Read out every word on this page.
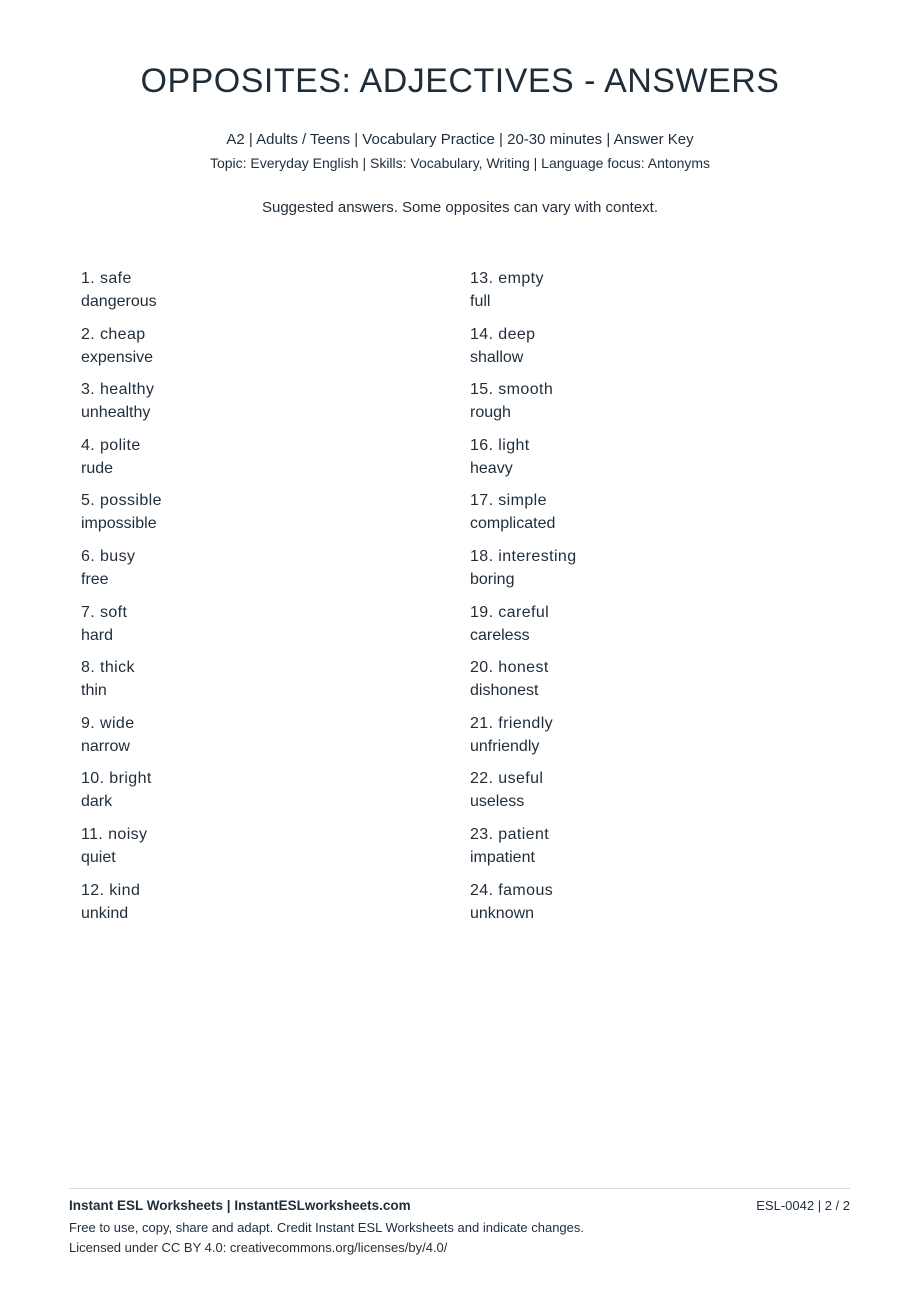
OPPOSITES: ADJECTIVES - ANSWERS
A2 | Adults / Teens | Vocabulary Practice | 20-30 minutes | Answer Key
Topic: Everyday English | Skills: Vocabulary, Writing | Language focus: Antonyms
Suggested answers. Some opposites can vary with context.
1. safe
dangerous
2. cheap
expensive
3. healthy
unhealthy
4. polite
rude
5. possible
impossible
6. busy
free
7. soft
hard
8. thick
thin
9. wide
narrow
10. bright
dark
11. noisy
quiet
12. kind
unkind
13. empty
full
14. deep
shallow
15. smooth
rough
16. light
heavy
17. simple
complicated
18. interesting
boring
19. careful
careless
20. honest
dishonest
21. friendly
unfriendly
22. useful
useless
23. patient
impatient
24. famous
unknown
Instant ESL Worksheets | InstantESLworksheets.com	ESL-0042 | 2 / 2
Free to use, copy, share and adapt. Credit Instant ESL Worksheets and indicate changes.
Licensed under CC BY 4.0: creativecommons.org/licenses/by/4.0/
